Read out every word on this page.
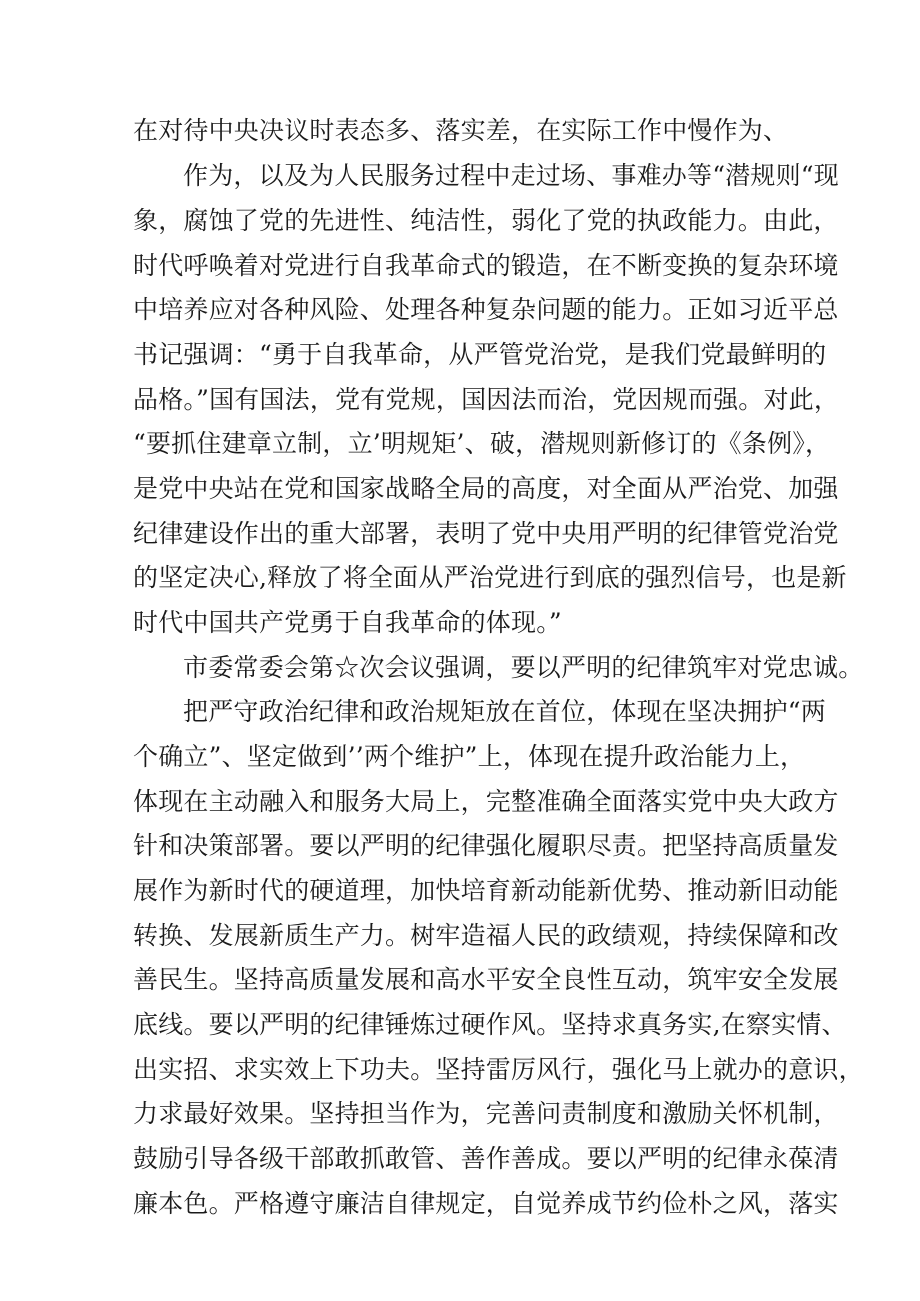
在对待中央决议时表态多、落实差，在实际工作中慢作为、
作为，以及为人民服务过程中走过场、事难办等“潜规则“现
象，腐蚀了党的先进性、纯洁性，弱化了党的执政能力。由此，
时代呼唤着对党进行自我革命式的锻造，在不断变换的复杂环境
中培养应对各种风险、处理各种复杂问题的能力。正如习近平总
书记强调：“勇于自我革命，从严管党治党，是我们党最鲜明的
品格。”国有国法，党有党规，国因法而治，党因规而强。对此，
“要抓住建章立制，立’明规矩’、破，潜规则新修订的《条例》，
是党中央站在党和国家战略全局的高度，对全面从严治党、加强
纪律建设作出的重大部署，表明了党中央用严明的纪律管党治党
的坚定决心,释放了将全面从严治党进行到底的强烈信号，也是新
时代中国共产党勇于自我革命的体现。”
市委常委会第☆次会议强调，要以严明的纪律筑牢对党忠诚。
把严守政治纪律和政治规矩放在首位，体现在坚决拥护“两
个确立”、坚定做到’’两个维护”上，体现在提升政治能力上，
体现在主动融入和服务大局上，完整准确全面落实党中央大政方
针和决策部署。要以严明的纪律强化履职尽责。把坚持高质量发
展作为新时代的硬道理，加快培育新动能新优势、推动新旧动能
转换、发展新质生产力。树牢造福人民的政绩观，持续保障和改
善民生。坚持高质量发展和高水平安全良性互动，筑牢安全发展
底线。要以严明的纪律锤炼过硬作风。坚持求真务实,在察实情、
出实招、求实效上下功夫。坚持雷厉风行，强化马上就办的意识，
力求最好效果。坚持担当作为，完善问责制度和激励关怀机制，
鼓励引导各级干部敢抓敢管、善作善成。要以严明的纪律永葆清
廉本色。严格遵守廉洁自律规定，自觉养成节约俭朴之风，落实
